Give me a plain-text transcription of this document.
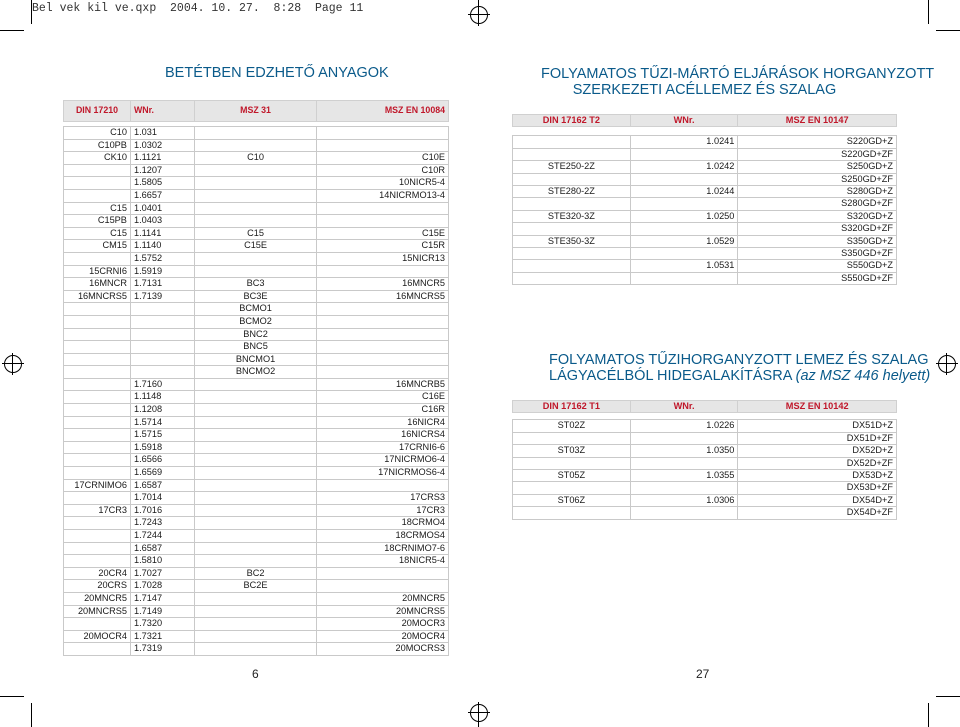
Bel vek kil ve.qxp  2004. 10. 27.  8:28  Page 11
BETÉTBEN EDZHETŐ ANYAGOK
DIN 17210	WNr.	MSZ 31	MSZ EN 10084

C10	1.031		
C10PB	1.0302		
CK10	1.1121	C10	C10E
	1.1207		C10R
	1.5805		10NICR5-4
	1.6657		14NICRMO13-4
C15	1.0401		
C15PB	1.0403		
C15	1.1141	C15	C15E
CM15	1.1140	C15E	C15R
	1.5752		15NICR13
15CRNI6	1.5919		
16MNCR	1.7131	BC3	16MNCR5
16MNCRS5	1.7139	BC3E	16MNCRS5
		BCMO1	
		BCMO2	
		BNC2	
		BNC5	
		BNCMO1	
		BNCMO2	
	1.7160		16MNCRB5
	1.1148		C16E
	1.1208		C16R
	1.5714		16NICR4
	1.5715		16NICRS4
	1.5918		17CRNI6-6
	1.6566		17NICRMO6-4
	1.6569		17NICRMOS6-4
17CRNIMO6	1.6587		
	1.7014		17CRS3
17CR3	1.7016		17CR3
	1.7243		18CRMO4
	1.7244		18CRMOS4
	1.6587		18CRNIMO7-6
	1.5810		18NICR5-4
20CR4	1.7027	BC2	
20CRS	1.7028	BC2E	
20MNCR5	1.7147		20MNCR5
20MNCRS5	1.7149		20MNCRS5
	1.7320		20MOCR3
20MOCR4	1.7321		20MOCR4
	1.7319		20MOCRS3
6
FOLYAMATOS TŰZI-MÁRTÓ ELJÁRÁSOK HORGANYZOTT
SZERKEZETI ACÉLLEMEZ ÉS SZALAG
DIN 17162 T2	WNr.	MSZ EN 10147

	1.0241	S220GD+Z
		S220GD+ZF
STE250-2Z	1.0242	S250GD+Z
		S250GD+ZF
STE280-2Z	1.0244	S280GD+Z
		S280GD+ZF
STE320-3Z	1.0250	S320GD+Z
		S320GD+ZF
STE350-3Z	1.0529	S350GD+Z
		S350GD+ZF
	1.0531	S550GD+Z
		S550GD+ZF
FOLYAMATOS TŰZIHORGANYZOTT LEMEZ ÉS SZALAG
LÁGYACÉLBÓL HIDEGALAKÍTÁSRA (az MSZ 446 helyett)
DIN 17162 T1	WNr.	MSZ EN 10142

ST02Z	1.0226	DX51D+Z
		DX51D+ZF
ST03Z	1.0350	DX52D+Z
		DX52D+ZF
ST05Z	1.0355	DX53D+Z
		DX53D+ZF
ST06Z	1.0306	DX54D+Z
		DX54D+ZF
27
